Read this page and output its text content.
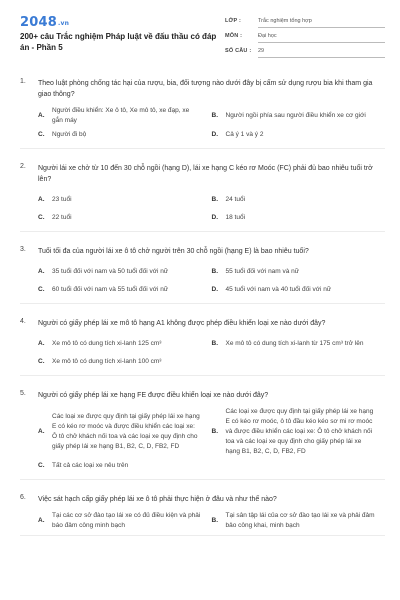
2048.vn
200+ câu Trắc nghiệm Pháp luật về đấu thầu có đáp án - Phần 5
LỚP :	Trắc nghiệm tổng hợp
MÔN :	Đại học
SỐ CÂU : 29
1. Theo luật phòng chống tác hại của rượu, bia, đối tượng nào dưới đây bị cấm sử dụng rượu bia khi tham gia giao thông?
A.
Người điều khiển: Xe ô tô, Xe mô tô, xe đạp, xe gắn máy
B.	Người ngồi phía sau người điều khiển xe cơ giới
C.	Người đi bộ	D.	Cả ý 1 và ý 2
2. Người lái xe chở từ 10 đến 30 chỗ ngồi (hạng D), lái xe hạng C kéo rơ Moóc (FC) phải đủ bao nhiêu tuổi trở lên?
A.	23 tuổi	B.	24 tuổi
C.	22 tuổi	D.	18 tuổi
3. Tuổi tối đa của người lái xe ô tô chở người trên 30 chỗ ngồi (hạng E) là bao nhiêu tuổi?
A.	35 tuổi đối với nam và 50 tuổi đối với nữ	B.	55 tuổi đối với nam và nữ
C.	60 tuổi đối với nam và 55 tuổi đối với nữ	D.	45 tuổi với nam và 40 tuổi đối với nữ
4. Người có giấy phép lái xe mô tô hạng A1 không được phép điều khiển loại xe nào dưới đây?
A.	Xe mô tô có dung tích xi-lanh 125 cm³	B.	Xe mô tô có dung tích xi-lanh từ 175 cm³ trở lên
C.	Xe mô tô có dung tích xi-lanh 100 cm³
5. Người có giấy phép lái xe hạng FE được điều khiển loại xe nào dưới đây?
A.
Các loại xe được quy định tại giấy phép lái xe hạng E có kéo rơ moóc và được điều khiển các loại xe: Ô tô chở khách nối toa và các loại xe quy định cho giấy phép lái xe hạng B1, B2, C, D, FB2, FD
B.
Các loại xe được quy định tại giấy phép lái xe hạng E có kéo rơ moóc, ô tô đầu kéo kéo sơ mi rơ moóc và được điều khiển các loại xe: Ô tô chở khách nối toa và các loại xe quy định cho giấy phép lái xe hạng B1, B2, C, D, FB2, FD
C.	Tất cả các loại xe nêu trên
6. Việc sát hạch cấp giấy phép lái xe ô tô phải thực hiện ở đâu và như thế nào?
A.
Tại các cơ sở đào tạo lái xe có đủ điều kiện và phải báo đảm công minh bạch
B.
Tại sân tập lái của cơ sở đào tạo lái xe và phải đảm bảo công khai, minh bạch
